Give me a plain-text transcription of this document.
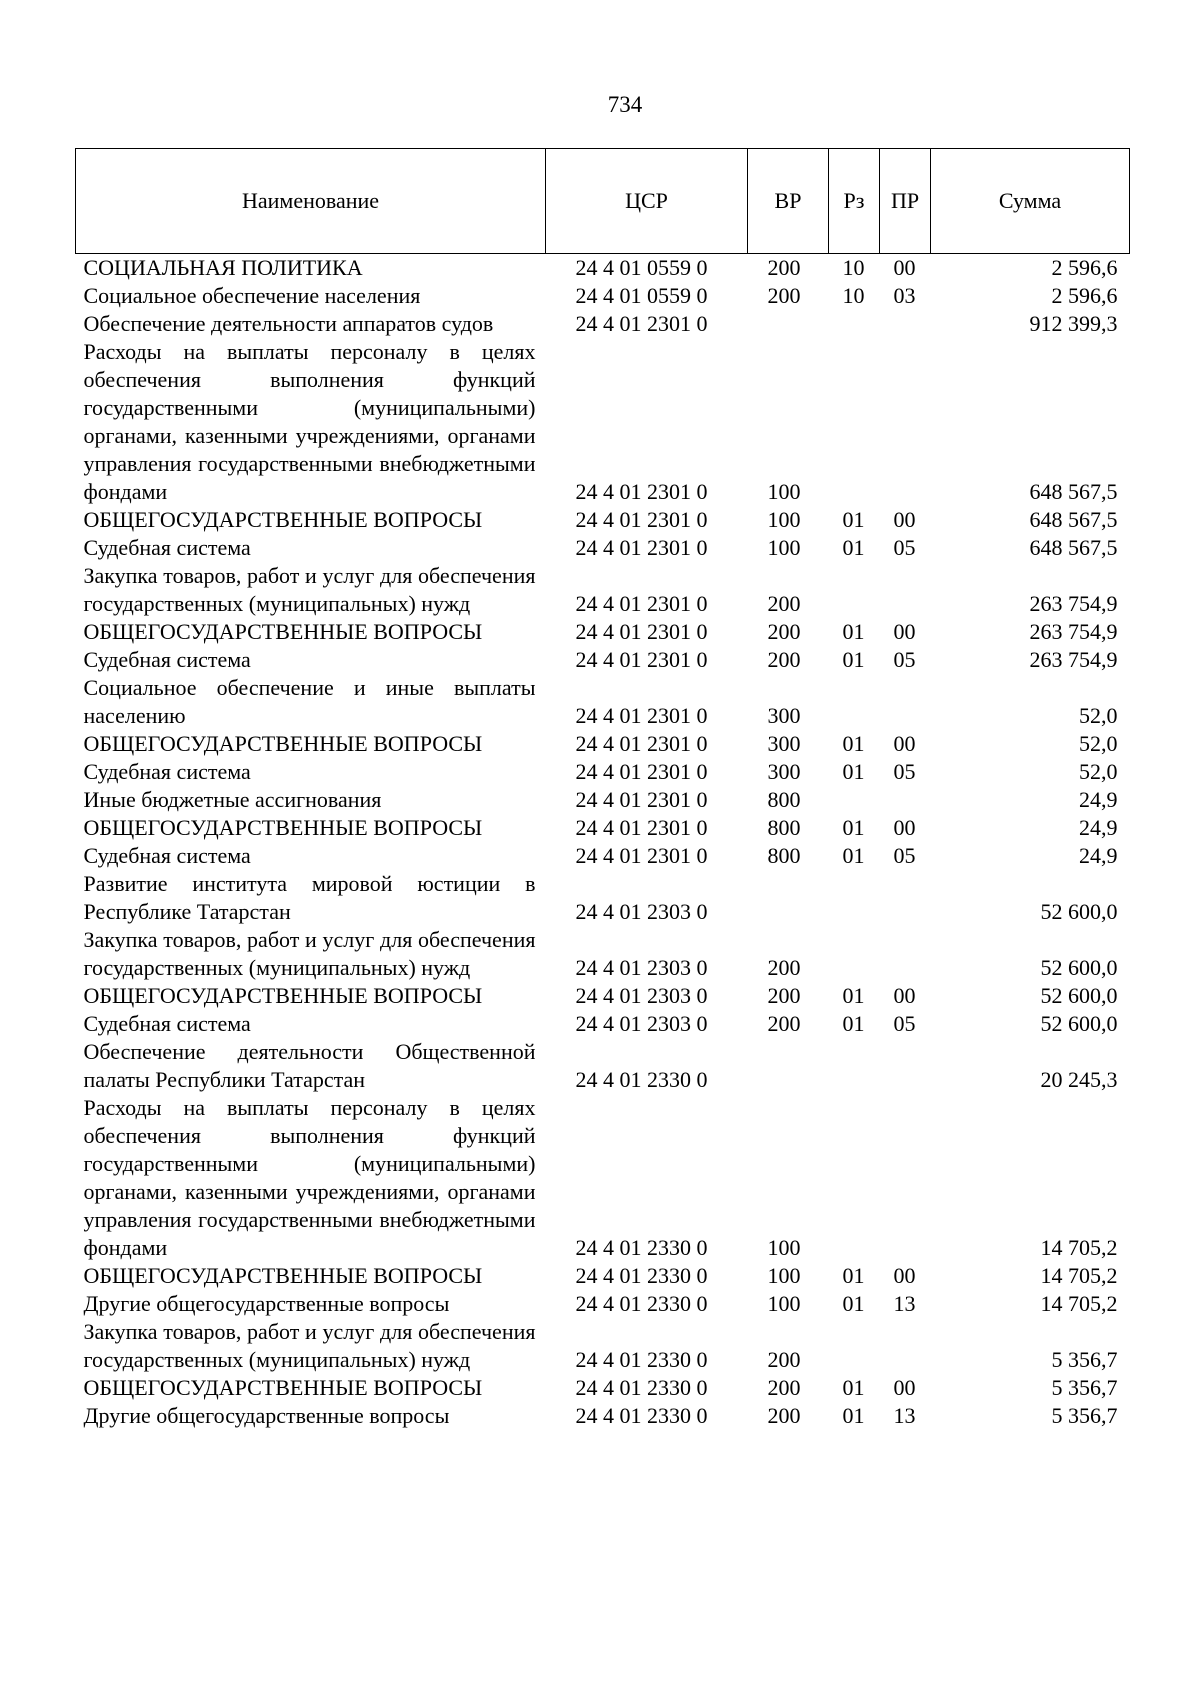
734
Наименование	ЦСР	ВР	Рз	ПР	Сумма
СОЦИАЛЬНАЯ ПОЛИТИКА	24 4 01 0559 0	200	10	00	2 596,6
Социальное обеспечение населения	24 4 01 0559 0	200	10	03	2 596,6
Обеспечение деятельности аппаратов судов	24 4 01 2301 0				912 399,3
Расходы на выплаты персоналу в целях обеспечения выполнения функций государственными (муниципальными) органами, казенными учреждениями, органами управления государственными внебюджетными фондами	24 4 01 2301 0	100			648 567,5
ОБЩЕГОСУДАРСТВЕННЫЕ ВОПРОСЫ	24 4 01 2301 0	100	01	00	648 567,5
Судебная система	24 4 01 2301 0	100	01	05	648 567,5
Закупка товаров, работ и услуг для обеспечения государственных (муниципальных) нужд	24 4 01 2301 0	200			263 754,9
ОБЩЕГОСУДАРСТВЕННЫЕ ВОПРОСЫ	24 4 01 2301 0	200	01	00	263 754,9
Судебная система	24 4 01 2301 0	200	01	05	263 754,9
Социальное обеспечение и иные выплаты населению	24 4 01 2301 0	300			52,0
ОБЩЕГОСУДАРСТВЕННЫЕ ВОПРОСЫ	24 4 01 2301 0	300	01	00	52,0
Судебная система	24 4 01 2301 0	300	01	05	52,0
Иные бюджетные ассигнования	24 4 01 2301 0	800			24,9
ОБЩЕГОСУДАРСТВЕННЫЕ ВОПРОСЫ	24 4 01 2301 0	800	01	00	24,9
Судебная система	24 4 01 2301 0	800	01	05	24,9
Развитие института мировой юстиции в Республике Татарстан	24 4 01 2303 0				52 600,0
Закупка товаров, работ и услуг для обеспечения государственных (муниципальных) нужд	24 4 01 2303 0	200			52 600,0
ОБЩЕГОСУДАРСТВЕННЫЕ ВОПРОСЫ	24 4 01 2303 0	200	01	00	52 600,0
Судебная система	24 4 01 2303 0	200	01	05	52 600,0
Обеспечение деятельности Общественной палаты Республики Татарстан	24 4 01 2330 0				20 245,3
Расходы на выплаты персоналу в целях обеспечения выполнения функций государственными (муниципальными) органами, казенными учреждениями, органами управления государственными внебюджетными фондами	24 4 01 2330 0	100			14 705,2
ОБЩЕГОСУДАРСТВЕННЫЕ ВОПРОСЫ	24 4 01 2330 0	100	01	00	14 705,2
Другие общегосударственные вопросы	24 4 01 2330 0	100	01	13	14 705,2
Закупка товаров, работ и услуг для обеспечения государственных (муниципальных) нужд	24 4 01 2330 0	200			5 356,7
ОБЩЕГОСУДАРСТВЕННЫЕ ВОПРОСЫ	24 4 01 2330 0	200	01	00	5 356,7
Другие общегосударственные вопросы	24 4 01 2330 0	200	01	13	5 356,7
